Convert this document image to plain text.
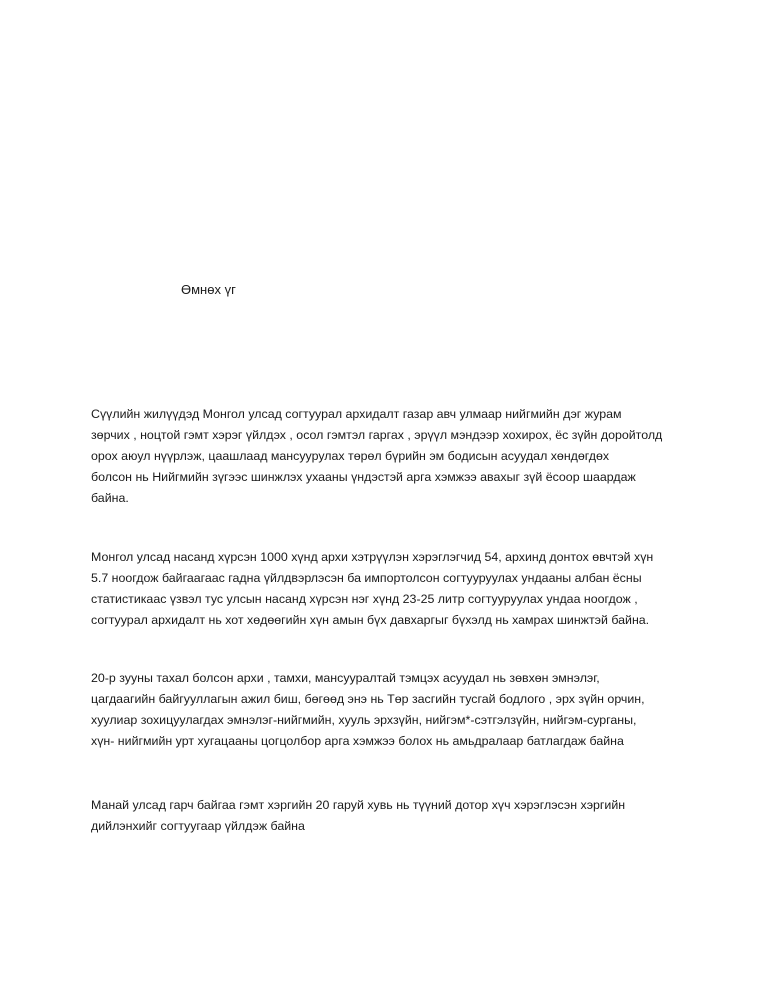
Өмнөх үг

Сүүлийн жилүүдэд Монгол улсад согтуурал архидалт газар авч улмаар нийгмийн дэг журам
зөрчих , ноцтой гэмт хэрэг үйлдэх , осол гэмтэл гаргах , эрүүл мэндээр хохирох, ёс зүйн доройтолд
орох аюул нүүрлэж, цаашлаад мансуурулах төрөл бүрийн эм бодисын асуудал хөндөгдөх
болсон нь Нийгмийн зүгээс шинжлэх ухааны үндэстэй арга хэмжээ авахыг зүй ёсоор шаардаж
байна.

Монгол улсад насанд хүрсэн 1000 хүнд архи хэтрүүлэн хэрэглэгчид 54, архинд донтох өвчтэй хүн
5.7 ноогдож байгаагаас гадна үйлдвэрлэсэн ба импортолсон согтууруулах ундааны албан ёсны
статистикаас үзвэл тус улсын насанд хүрсэн нэг хүнд 23-25 литр согтууруулах ундаа ноогдож ,
согтуурал архидалт нь хот хөдөөгийн хүн амын бүх давхаргыг бүхэлд нь хамрах шинжтэй байна.

20-р зууны тахал болсон архи , тамхи, мансууралтай тэмцэх асуудал нь зөвхөн эмнэлэг,
цагдаагийн байгууллагын ажил биш, бөгөөд энэ нь Төр засгийн тусгай бодлого , эрх зүйн орчин,
хуулиар зохицуулагдах эмнэлэг-нийгмийн, хууль эрхзүйн, нийгэм*-сэтгэлзүйн, нийгэм-сурганы,
хүн- нийгмийн урт хугацааны цогцолбор арга хэмжээ болох нь амьдралаар батлагдаж байна

Манай улсад гарч байгаа гэмт хэргийн 20 гаруй хувь нь түүний дотор хүч хэрэглэсэн хэргийн
дийлэнхийг согтуугаар үйлдэж байна
